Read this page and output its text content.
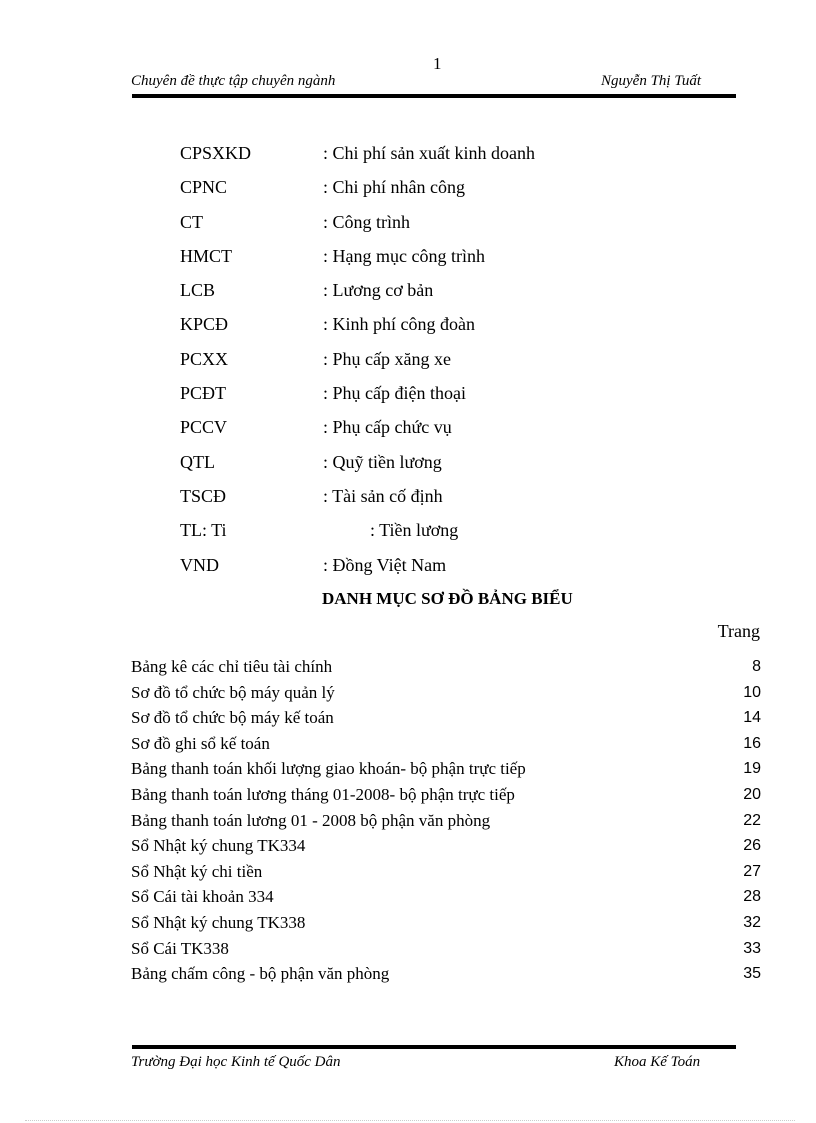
1
Chuyên đề thực tập chuyên ngành	Nguyễn Thị Tuất
CPSXKD	: Chi phí sản xuất kinh doanh
CPNC	: Chi phí nhân công
CT	: Công trình
HMCT	: Hạng mục công trình
LCB	: Lương cơ bản
KPCĐ	: Kinh phí công đoàn
PCXX	: Phụ cấp xăng xe
PCĐT	: Phụ cấp điện thoại
PCCV	: Phụ cấp chức vụ
QTL	: Quỹ tiền lương
TSCĐ	: Tài sản cố định
TL: Ti	: Tiền lương
VND	: Đồng Việt Nam
DANH MỤC SƠ ĐỒ BẢNG BIỂU
Trang
Bảng kê các chỉ tiêu tài chính	8
Sơ đồ tổ chức bộ máy quản lý	10
Sơ đồ tổ chức bộ máy kế toán	14
Sơ đồ ghi sổ kế toán	16
Bảng thanh toán khối lượng giao khoán- bộ phận trực tiếp	19
Bảng thanh toán lương tháng 01-2008- bộ phận trực tiếp	20
Bảng thanh toán lương 01 - 2008 bộ phận văn phòng	22
Sổ Nhật ký chung TK334	26
Sổ Nhật ký chi tiền	27
Sổ Cái tài khoản 334	28
Sổ Nhật ký chung TK338	32
Sổ Cái TK338	33
Bảng chấm công - bộ phận văn phòng	35
Trường Đại học Kinh tế Quốc Dân	Khoa Kế Toán
